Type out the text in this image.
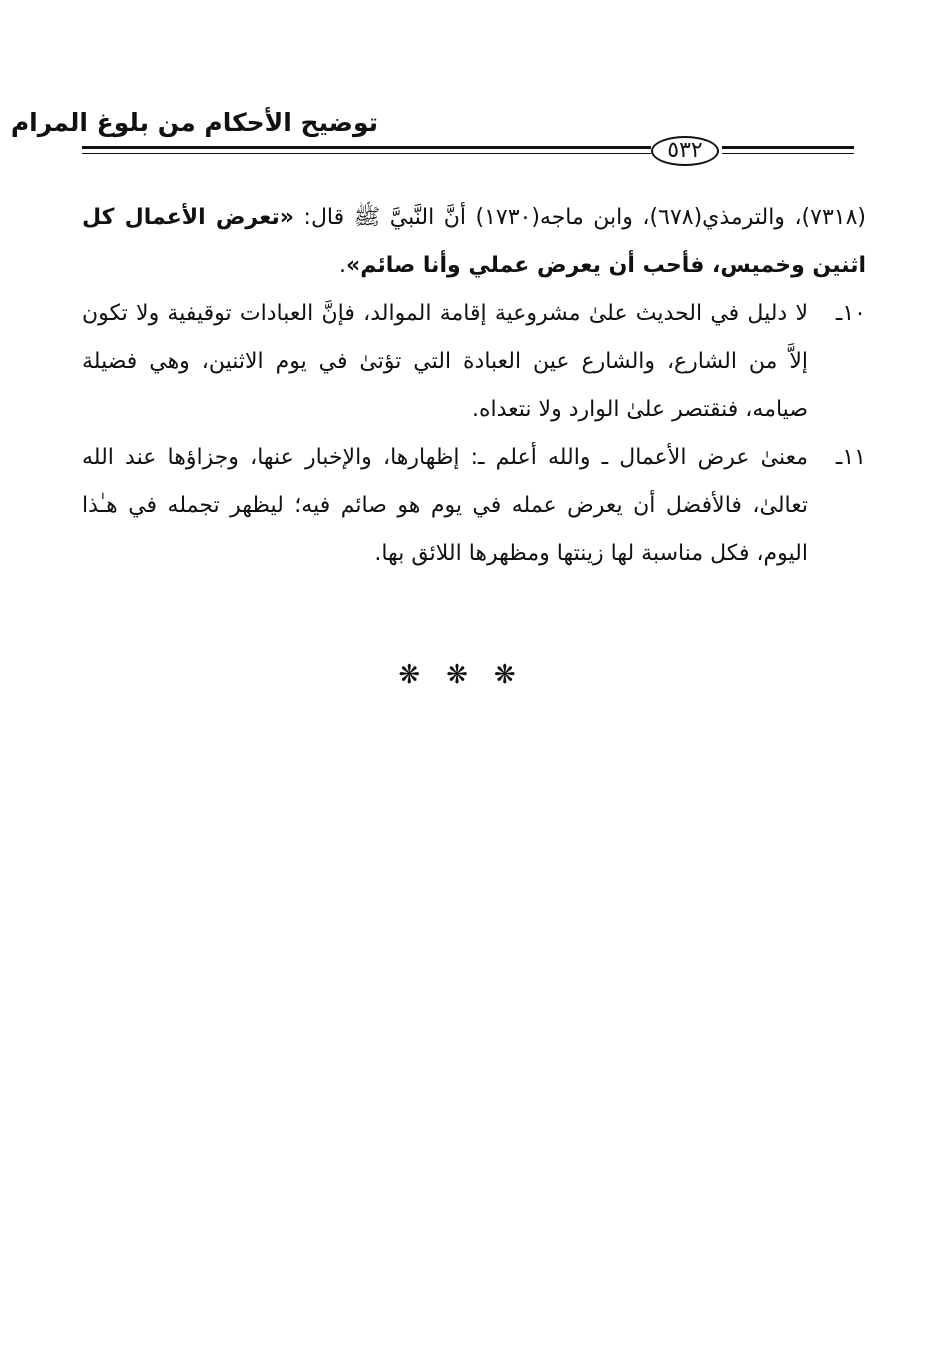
توضيح الأحكام من بلوغ المرام
٥٣٢

(٧٣١٨)، والترمذي(٦٧٨)، وابن ماجه(١٧٣٠) أنَّ النَّبيَّ ﷺ قال: «تعرض الأعمال كل اثنين وخميس، فأحب أن يعرض عملي وأنا صائم».

١٠ـلا دليل في الحديث علىٰ مشروعية إقامة الموالد، فإنَّ العبادات توقيفية ولا تكون إلاَّ من الشارع، والشارع عين العبادة التي تؤتىٰ في يوم الاثنين، وهي فضيلة صيامه، فنقتصر علىٰ الوارد ولا نتعداه.

١١ـمعنىٰ عرض الأعمال ـ والله أعلم ـ: إظهارها، والإخبار عنها، وجزاؤها عند الله تعالىٰ، فالأفضل أن يعرض عمله في يوم هو صائم فيه؛ ليظهر تجمله في هـٰذا اليوم، فكل مناسبة لها زينتها ومظهرها اللائق بها.

❋❋❋
